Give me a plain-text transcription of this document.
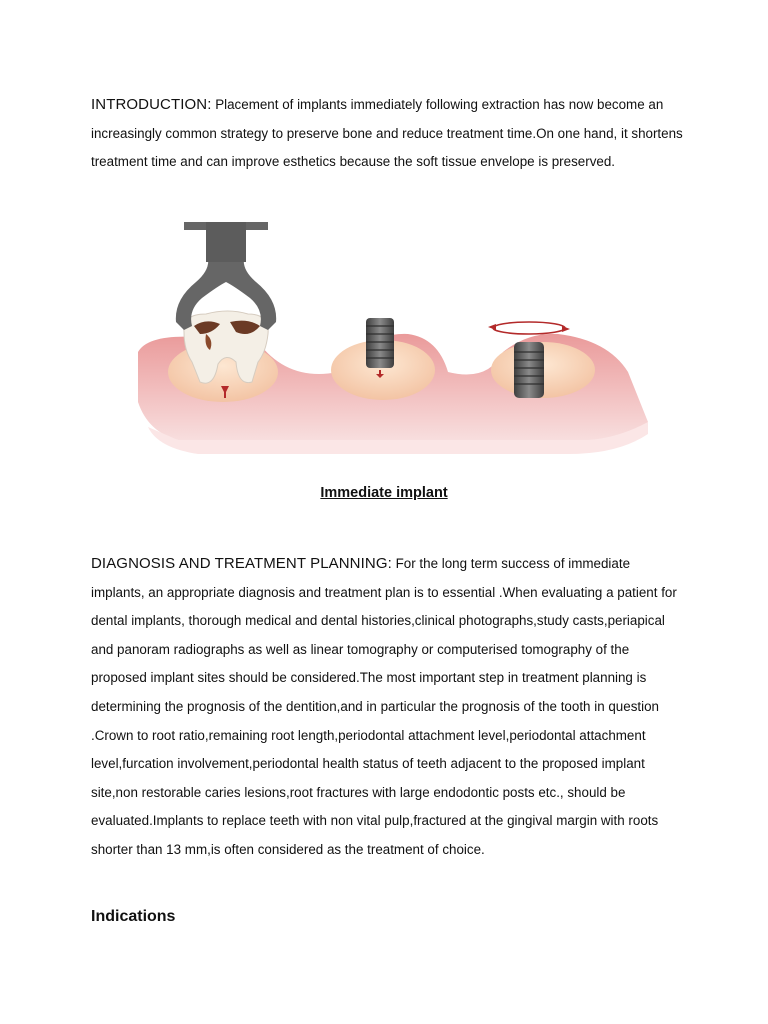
INTRODUCTION: Placement of implants immediately following extraction has now become an increasingly common strategy to preserve bone and reduce treatment time.On one hand, it shortens treatment time and can improve esthetics because the soft tissue envelope is preserved.

Immediate implant

DIAGNOSIS AND TREATMENT PLANNING: For the long term success of immediate implants, an appropriate diagnosis and treatment plan is to essential .When evaluating a patient for dental implants, thorough medical and dental histories,clinical photographs,study casts,periapical and panoram radiographs as well as linear tomography or computerised tomography of the proposed implant sites should be considered.The most important step in treatment planning is determining the prognosis of the dentition,and in particular the prognosis of the tooth in question .Crown to root ratio,remaining root length,periodontal attachment level,periodontal attachment level,furcation involvement,periodontal health status of teeth adjacent to the proposed implant site,non restorable caries lesions,root fractures with large endodontic posts etc., should be evaluated.Implants to replace teeth with non vital pulp,fractured at the gingival margin with roots shorter than 13 mm,is often considered as the treatment of choice.

Indications
